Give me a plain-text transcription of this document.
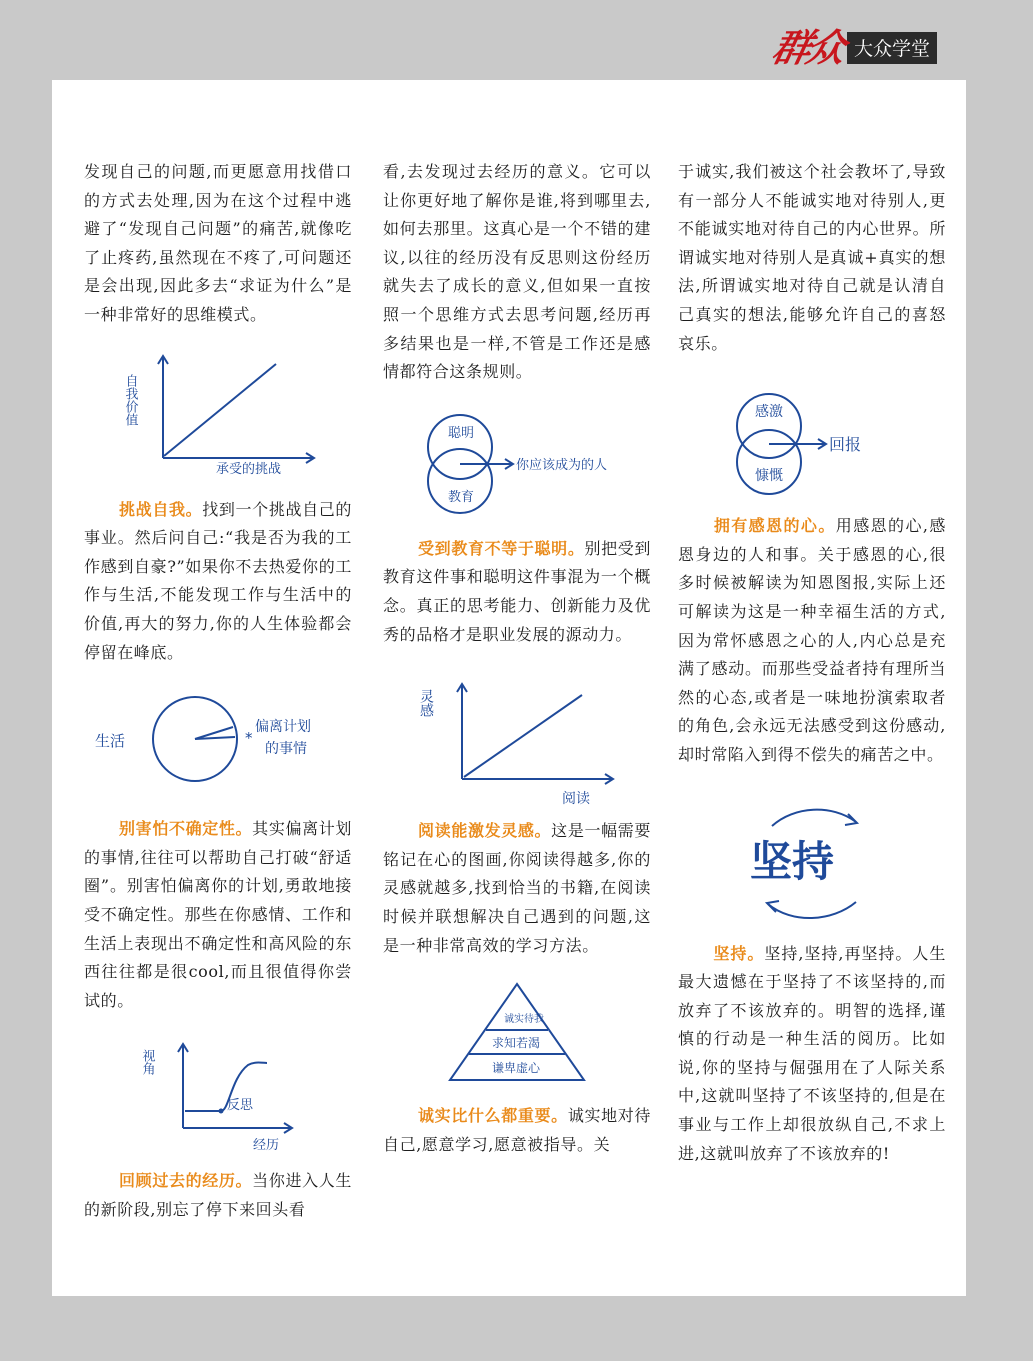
群众 大众学堂

发现自己的问题,而更愿意用找借口的方式去处理,因为在这个过程中逃避了“发现自己问题”的痛苦,就像吃了止疼药,虽然现在不疼了,可问题还是会出现,因此多去“求证为什么”是一种非常好的思维模式。

自我价值
承受的挑战

挑战自我。找到一个挑战自己的事业。然后问自己:“我是否为我的工作感到自豪?”如果你不去热爱你的工作与生活,不能发现工作与生活中的价值,再大的努力,你的人生体验都会停留在峰底。

生活	*
偏离计划
的事情

别害怕不确定性。其实偏离计划的事情,往往可以帮助自己打破“舒适圈”。别害怕偏离你的计划,勇敢地接受不确定性。那些在你感情、工作和生活上表现出不确定性和高风险的东西往往都是很cool,而且很值得你尝试的。

视角
反思
经历

回顾过去的经历。当你进入人生的新阶段,别忘了停下来回头看

看,去发现过去经历的意义。它可以让你更好地了解你是谁,将到哪里去,如何去那里。这真心是一个不错的建议,以往的经历没有反思则这份经历就失去了成长的意义,但如果一直按照一个思维方式去思考问题,经历再多结果也是一样,不管是工作还是感情都符合这条规则。

聪明
教育
你应该成为的人

受到教育不等于聪明。别把受到教育这件事和聪明这件事混为一个概念。真正的思考能力、创新能力及优秀的品格才是职业发展的源动力。

灵感
阅读

阅读能激发灵感。这是一幅需要铭记在心的图画,你阅读得越多,你的灵感就越多,找到恰当的书籍,在阅读时候并联想解决自己遇到的问题,这是一种非常高效的学习方法。

诚实待我
求知若渴
谦卑虚心

诚实比什么都重要。诚实地对待自己,愿意学习,愿意被指导。关

于诚实,我们被这个社会教坏了,导致有一部分人不能诚实地对待别人,更不能诚实地对待自己的内心世界。所谓诚实地对待别人是真诚+真实的想法,所谓诚实地对待自己就是认清自己真实的想法,能够允许自己的喜怒哀乐。

感激
慷慨
回报

拥有感恩的心。用感恩的心,感恩身边的人和事。关于感恩的心,很多时候被解读为知恩图报,实际上还可解读为这是一种幸福生活的方式,因为常怀感恩之心的人,内心总是充满了感动。而那些受益者持有理所当然的心态,或者是一味地扮演索取者的角色,会永远无法感受到这份感动,却时常陷入到得不偿失的痛苦之中。

坚持

坚持。坚持,坚持,再坚持。人生最大遗憾在于坚持了不该坚持的,而放弃了不该放弃的。明智的选择,谨慎的行动是一种生活的阅历。比如说,你的坚持与倔强用在了人际关系中,这就叫坚持了不该坚持的,但是在事业与工作上却很放纵自己,不求上进,这就叫放弃了不该放弃的!
